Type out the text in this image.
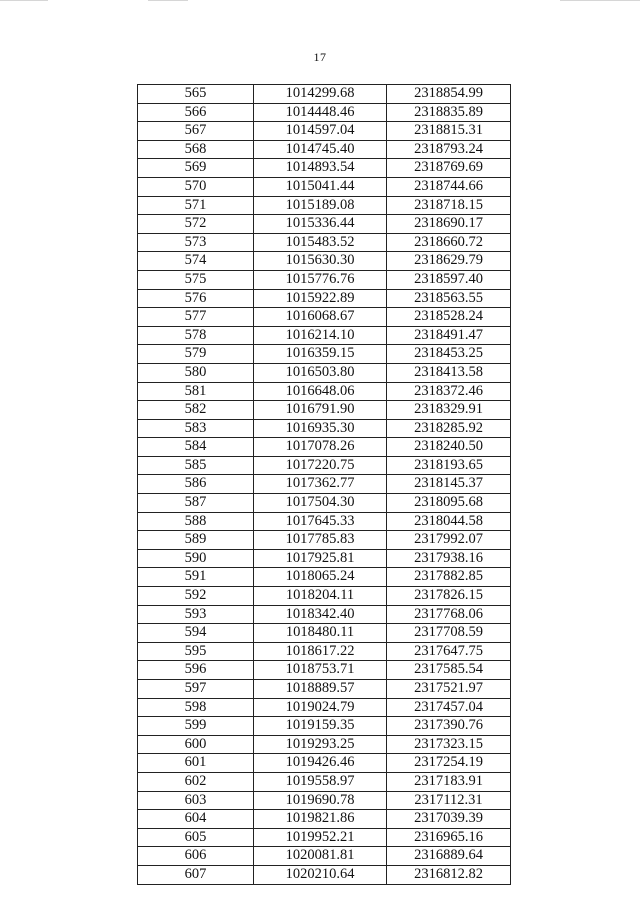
17
565	1014299.68	2318854.99
566	1014448.46	2318835.89
567	1014597.04	2318815.31
568	1014745.40	2318793.24
569	1014893.54	2318769.69
570	1015041.44	2318744.66
571	1015189.08	2318718.15
572	1015336.44	2318690.17
573	1015483.52	2318660.72
574	1015630.30	2318629.79
575	1015776.76	2318597.40
576	1015922.89	2318563.55
577	1016068.67	2318528.24
578	1016214.10	2318491.47
579	1016359.15	2318453.25
580	1016503.80	2318413.58
581	1016648.06	2318372.46
582	1016791.90	2318329.91
583	1016935.30	2318285.92
584	1017078.26	2318240.50
585	1017220.75	2318193.65
586	1017362.77	2318145.37
587	1017504.30	2318095.68
588	1017645.33	2318044.58
589	1017785.83	2317992.07
590	1017925.81	2317938.16
591	1018065.24	2317882.85
592	1018204.11	2317826.15
593	1018342.40	2317768.06
594	1018480.11	2317708.59
595	1018617.22	2317647.75
596	1018753.71	2317585.54
597	1018889.57	2317521.97
598	1019024.79	2317457.04
599	1019159.35	2317390.76
600	1019293.25	2317323.15
601	1019426.46	2317254.19
602	1019558.97	2317183.91
603	1019690.78	2317112.31
604	1019821.86	2317039.39
605	1019952.21	2316965.16
606	1020081.81	2316889.64
607	1020210.64	2316812.82
